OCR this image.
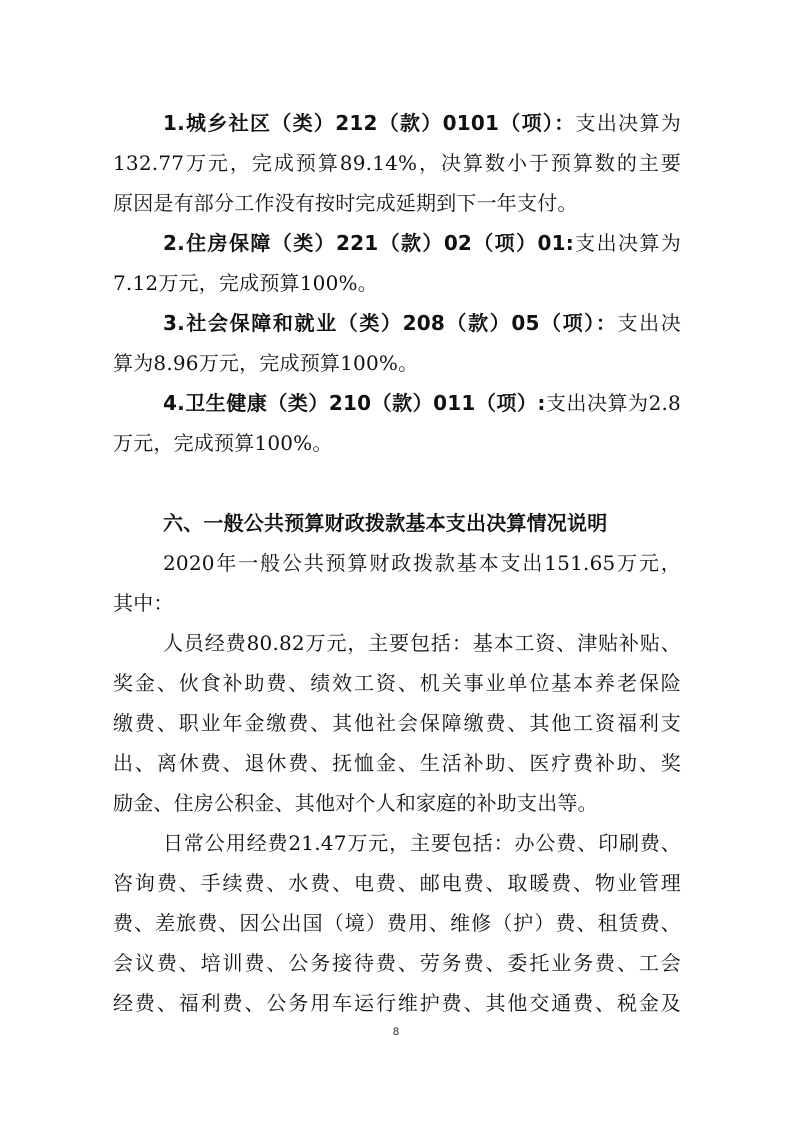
1.城乡社区（类）212（款）0101（项）：支出决算为
132.77万元，完成预算89.14%，决算数小于预算数的主要
原因是有部分工作没有按时完成延期到下一年支付。
2.住房保障（类）221（款）02（项）01:支出决算为
7.12万元，完成预算100%。
3.社会保障和就业（类）208（款）05（项）：支出决
算为8.96万元，完成预算100%。
4.卫生健康（类）210（款）011（项）:支出决算为2.8
万元，完成预算100%。
六、一般公共预算财政拨款基本支出决算情况说明
2020年一般公共预算财政拨款基本支出151.65万元，
其中：
人员经费80.82万元，主要包括：基本工资、津贴补贴、
奖金、伙食补助费、绩效工资、机关事业单位基本养老保险
缴费、职业年金缴费、其他社会保障缴费、其他工资福利支
出、离休费、退休费、抚恤金、生活补助、医疗费补助、奖
励金、住房公积金、其他对个人和家庭的补助支出等。
日常公用经费21.47万元，主要包括：办公费、印刷费、
咨询费、手续费、水费、电费、邮电费、取暖费、物业管理
费、差旅费、因公出国（境）费用、维修（护）费、租赁费、
会议费、培训费、公务接待费、劳务费、委托业务费、工会
经费、福利费、公务用车运行维护费、其他交通费、税金及
8
